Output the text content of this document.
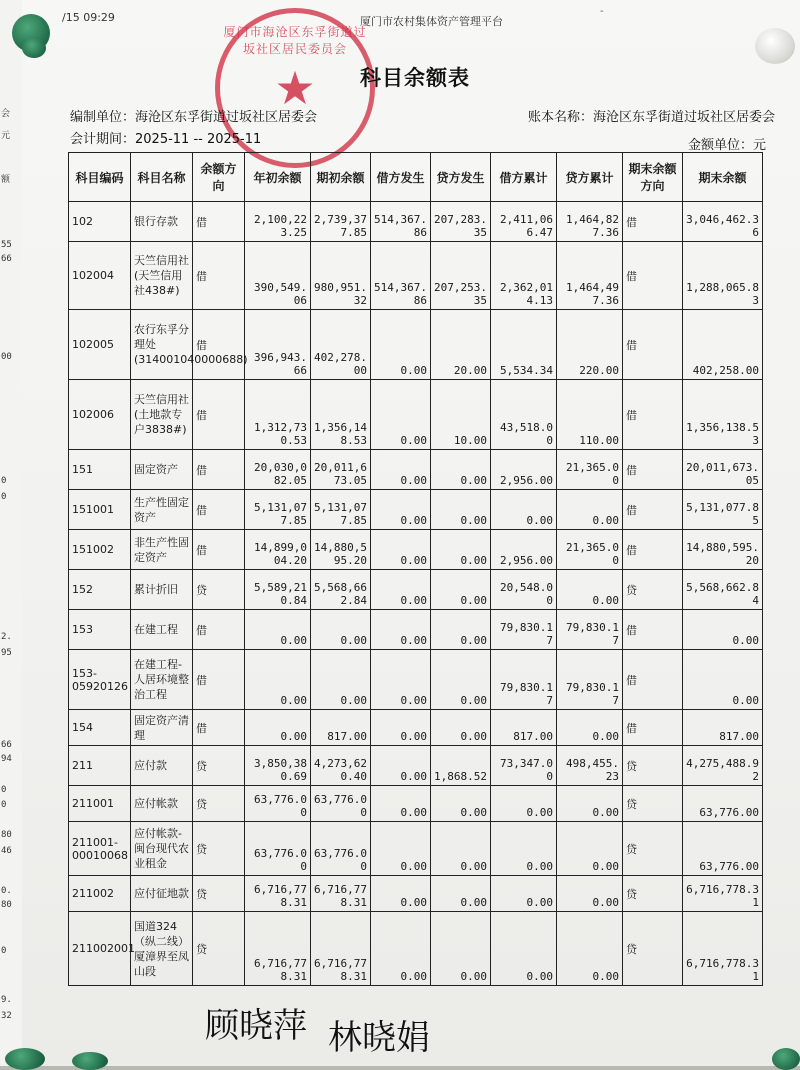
会
元
额
55
66
00
0
0
2.
95
66
94
0
0
80
46
0.
80
0
9.
32
/15 09:29	厦门市农村集体资产管理平台
-
厦门市海沧区东孚街道过坂社区居民委员会
★ 科目余额表
编制单位：海沧区东孚街道过坂社区居委会
会计期间：2025-11 -- 2025-11
账本名称：海沧区东孚街道过坂社区居委会
金额单位：元
科目编码	科目名称	余额方向	年初余额	期初余额	借方发生	贷方发生	借方累计	贷方累计	期末余额方向	期末余额
102	银行存款	借	2,100,223.25	2,739,377.85	514,367.86	207,283.35	2,411,066.47	1,464,827.36	借	3,046,462.36
102004	天竺信用社(天竺信用社438#)	借	390,549.06	980,951.32	514,367.86	207,253.35	2,362,014.13	1,464,497.36	借	1,288,065.83
102005	农行东孚分理处(314001040000688)	借	396,943.66	402,278.00	0.00	20.00	5,534.34	220.00	借	402,258.00
102006	天竺信用社(土地款专户3838#)	借	1,312,730.53	1,356,148.53	0.00	10.00	43,518.00	110.00	借	1,356,138.53
151	固定资产	借	20,030,082.05	20,011,673.05	0.00	0.00	2,956.00	21,365.00	借	20,011,673.05
151001	生产性固定资产	借	5,131,077.85	5,131,077.85	0.00	0.00	0.00	0.00	借	5,131,077.85
151002	非生产性固定资产	借	14,899,004.20	14,880,595.20	0.00	0.00	2,956.00	21,365.00	借	14,880,595.20
152	累计折旧	贷	5,589,210.84	5,568,662.84	0.00	0.00	20,548.00	0.00	贷	5,568,662.84
153	在建工程	借	0.00	0.00	0.00	0.00	79,830.17	79,830.17	借	0.00
153-05920126	在建工程-人居环境整治工程	借	0.00	0.00	0.00	0.00	79,830.17	79,830.17	借	0.00
154	固定资产清理	借	0.00	817.00	0.00	0.00	817.00	0.00	借	817.00
211	应付款	贷	3,850,380.69	4,273,620.40	0.00	1,868.52	73,347.00	498,455.23	贷	4,275,488.92
211001	应付帐款	贷	63,776.00	63,776.00	0.00	0.00	0.00	0.00	贷	63,776.00
211001-00010068	应付帐款-闽台现代农业租金	贷	63,776.00	63,776.00	0.00	0.00	0.00	0.00	贷	63,776.00
211002	应付征地款	贷	6,716,778.31	6,716,778.31	0.00	0.00	0.00	0.00	贷	6,716,778.31
211002001	国道324（纵二线）厦漳界至凤山段	贷	6,716,778.31	6,716,778.31	0.00	0.00	0.00	0.00	贷	6,716,778.31
顾晓萍 林晓娟
